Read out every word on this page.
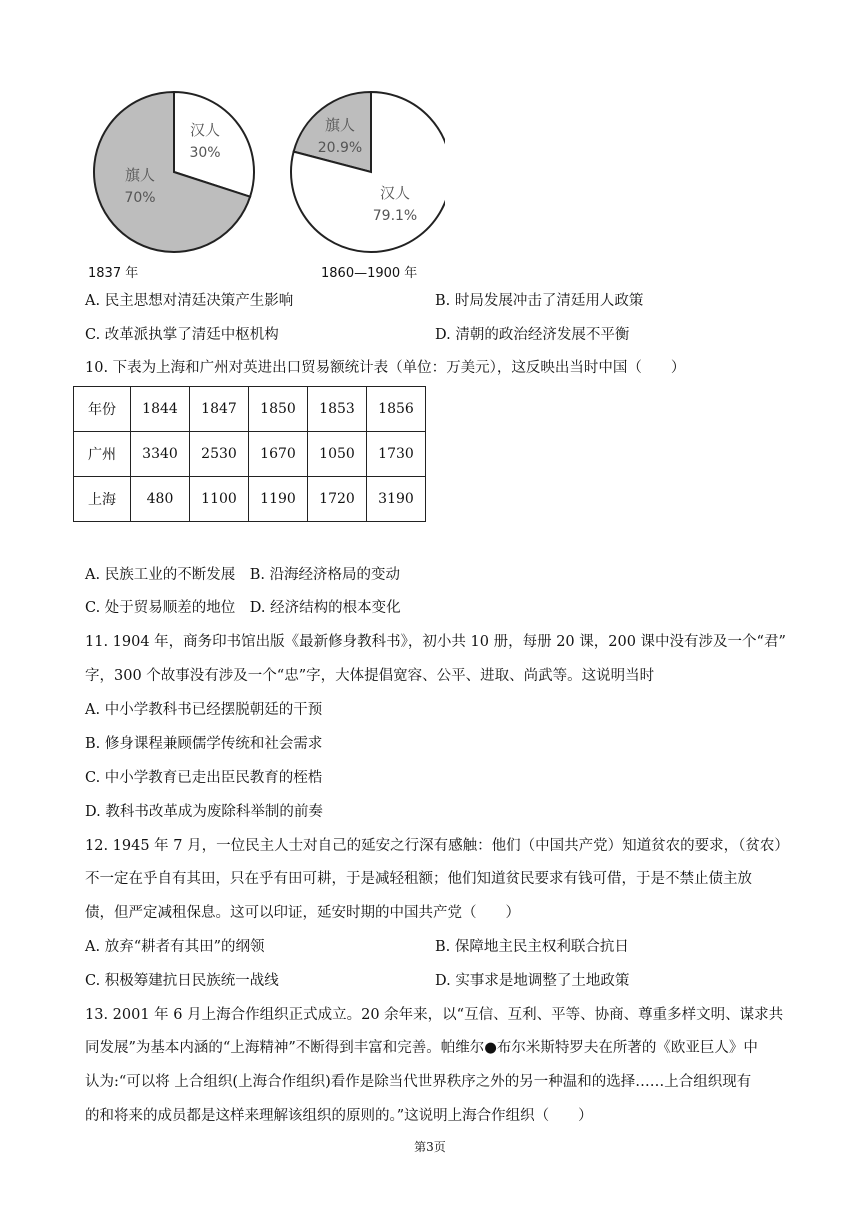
汉人
30%
旗人
70%
旗人
20.9%
汉人
79.1%
1837 年	1860—1900 年
A. 民主思想对清廷决策产生影响	B. 时局发展冲击了清廷用人政策
C. 改革派执掌了清廷中枢机构	D. 清朝的政治经济发展不平衡
10. 下表为上海和广州对英进出口贸易额统计表（单位：万美元），这反映出当时中国（　　）
年份	1844	1847	1850	1853	1856
广州	3340	2530	1670	1050	1730
上海	480	1100	1190	1720	3190
A. 民族工业的不断发展　B. 沿海经济格局的变动
C. 处于贸易顺差的地位　D. 经济结构的根本变化
11. 1904 年，商务印书馆出版《最新修身教科书》，初小共 10 册，每册 20 课，200 课中没有涉及一个“君”
字，300 个故事没有涉及一个“忠”字，大体提倡宽容、公平、进取、尚武等。这说明当时
A. 中小学教科书已经摆脱朝廷的干预
B. 修身课程兼顾儒学传统和社会需求
C. 中小学教育已走出臣民教育的桎梏
D. 教科书改革成为废除科举制的前奏
12. 1945 年 7 月，一位民主人士对自己的延安之行深有感触：他们（中国共产党）知道贫农的要求，（贫农）
不一定在乎自有其田，只在乎有田可耕，于是减轻租额；他们知道贫民要求有钱可借，于是不禁止债主放
债，但严定减租保息。这可以印证，延安时期的中国共产党（　　）
A. 放弃“耕者有其田”的纲领	B. 保障地主民主权利联合抗日
C. 积极筹建抗日民族统一战线	D. 实事求是地调整了土地政策
13. 2001 年 6 月上海合作组织正式成立。20 余年来，以“互信、互利、平等、协商、尊重多样文明、谋求共
同发展”为基本内涵的“上海精神”不断得到丰富和完善。帕维尔●布尔米斯特罗夫在所著的《欧亚巨人》中
认为:“可以将 上合组织(上海合作组织)看作是除当代世界秩序之外的另一种温和的选择……上合组织现有
的和将来的成员都是这样来理解该组织的原则的。”这说明上海合作组织（　　）
第3页
